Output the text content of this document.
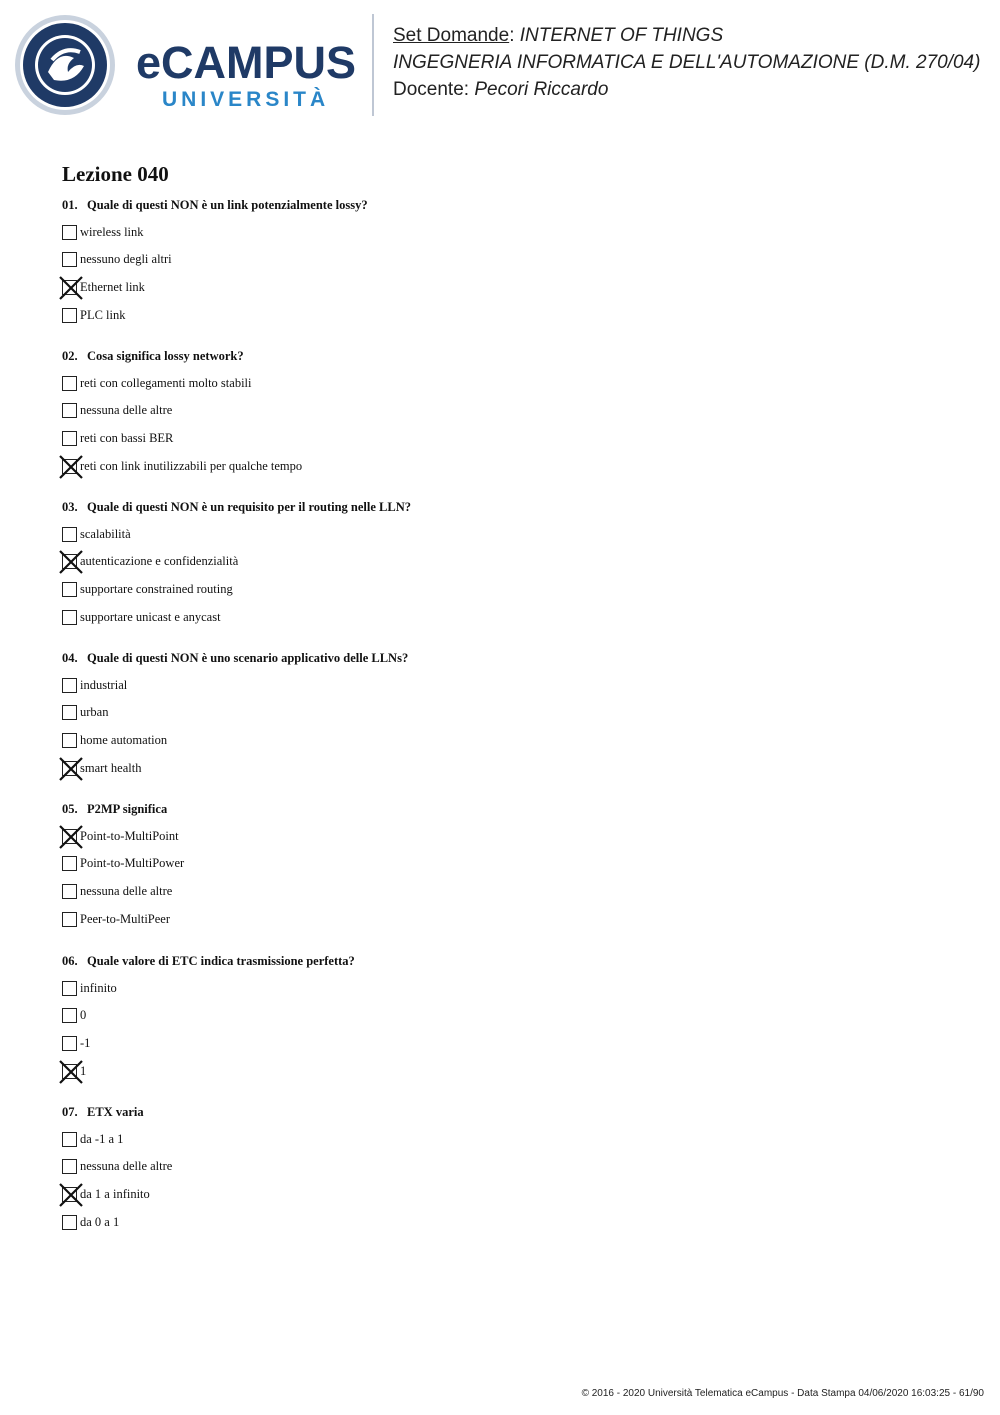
eCAMPUS
UNIVERSITÀ
Set Domande: INTERNET OF THINGS
INGEGNERIA INFORMATICA E DELL'AUTOMAZIONE (D.M. 270/04)
Docente: Pecori Riccardo
Lezione 040
01. Quale di questi NON è un link potenzialmente lossy?
wireless link
nessuno degli altri
Ethernet link
PLC link
02. Cosa significa lossy network?
reti con collegamenti molto stabili
nessuna delle altre
reti con bassi BER
reti con link inutilizzabili per qualche tempo
03. Quale di questi NON è un requisito per il routing nelle LLN?
scalabilità
autenticazione e confidenzialità
supportare constrained routing
supportare unicast e anycast
04. Quale di questi NON è uno scenario applicativo delle LLNs?
industrial
urban
home automation
smart health
05. P2MP significa
Point-to-MultiPoint
Point-to-MultiPower
nessuna delle altre
Peer-to-MultiPeer
06. Quale valore di ETC indica trasmissione perfetta?
infinito
0
-1
1
07. ETX varia
da -1 a 1
nessuna delle altre
da 1 a infinito
da 0 a 1
© 2016 - 2020 Università Telematica eCampus - Data Stampa 04/06/2020 16:03:25 - 61/90
